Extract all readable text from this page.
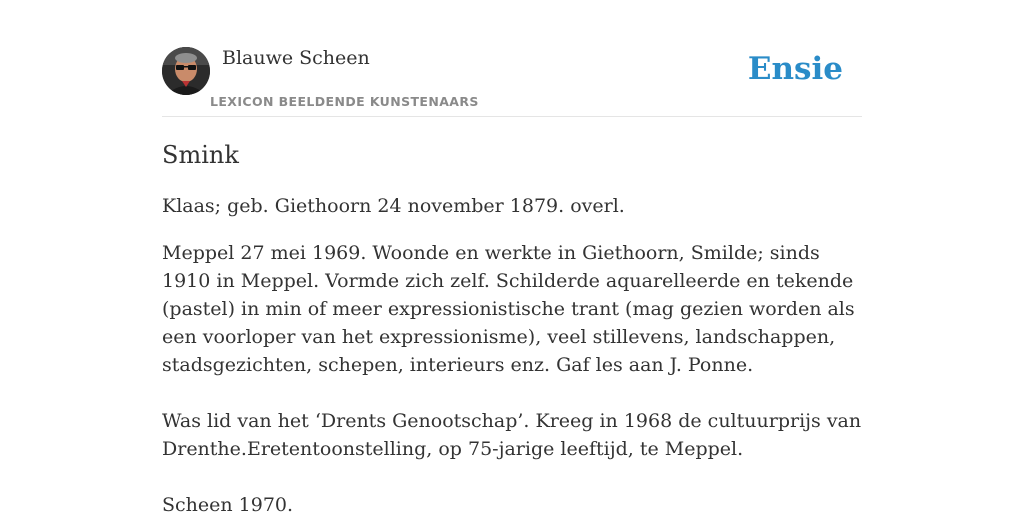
Blauwe Scheen
LEXICON BEELDENDE KUNSTENAARS
Ensie
Smink

Klaas; geb. Giethoorn 24 november 1879. overl.

Meppel 27 mei 1969. Woonde en werkte in Giethoorn, Smilde; sinds 1910 in Meppel. Vormde zich zelf. Schilderde aquarelleerde en tekende (pastel) in min of meer expressionistische trant (mag gezien worden als een voorloper van het expressionisme), veel stillevens, landschappen, stadsgezichten, schepen, interieurs enz. Gaf les aan J. Ponne.

Was lid van het ‘Drents Genootschap’. Kreeg in 1968 de cultuurprijs van Drenthe.Eretentoonstelling, op 75-jarige leeftijd, te Meppel.

Scheen 1970.
